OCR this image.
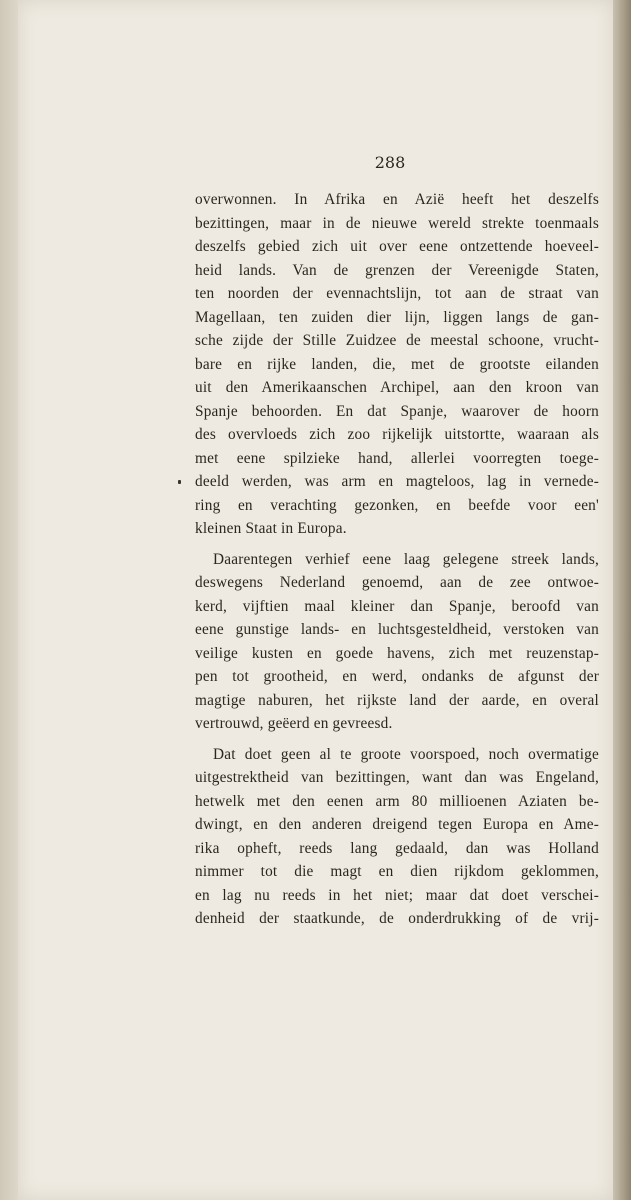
288
overwonnen. In Afrika en Azië heeft het deszelfs
bezittingen, maar in de nieuwe wereld strekte toenmaals
deszelfs gebied zich uit over eene ontzettende hoeveel-
heid lands. Van de grenzen der Vereenigde Staten,
ten noorden der evennachtslijn, tot aan de straat van
Magellaan, ten zuiden dier lijn, liggen langs de gan-
sche zijde der Stille Zuidzee de meestal schoone, vrucht-
bare en rijke landen, die, met de grootste eilanden
uit den Amerikaanschen Archipel, aan den kroon van
Spanje behoorden. En dat Spanje, waarover de hoorn
des overvloeds zich zoo rijkelijk uitstortte, waaraan als
met eene spilzieke hand, allerlei voorregten toege-
deeld werden, was arm en magteloos, lag in vernede-
ring en verachting gezonken, en beefde voor een'
kleinen Staat in Europa.
Daarentegen verhief eene laag gelegene streek lands,
deswegens Nederland genoemd, aan de zee ontwoe-
kerd, vijftien maal kleiner dan Spanje, beroofd van
eene gunstige lands- en luchtsgesteldheid, verstoken van
veilige kusten en goede havens, zich met reuzenstap-
pen tot grootheid, en werd, ondanks de afgunst der
magtige naburen, het rijkste land der aarde, en overal
vertrouwd, geëerd en gevreesd.
Dat doet geen al te groote voorspoed, noch overmatige
uitgestrektheid van bezittingen, want dan was Engeland,
hetwelk met den eenen arm 80 millioenen Aziaten be-
dwingt, en den anderen dreigend tegen Europa en Ame-
rika opheft, reeds lang gedaald, dan was Holland
nimmer tot die magt en dien rijkdom geklommen,
en lag nu reeds in het niet; maar dat doet verschei-
denheid der staatkunde, de onderdrukking of de vrij-
